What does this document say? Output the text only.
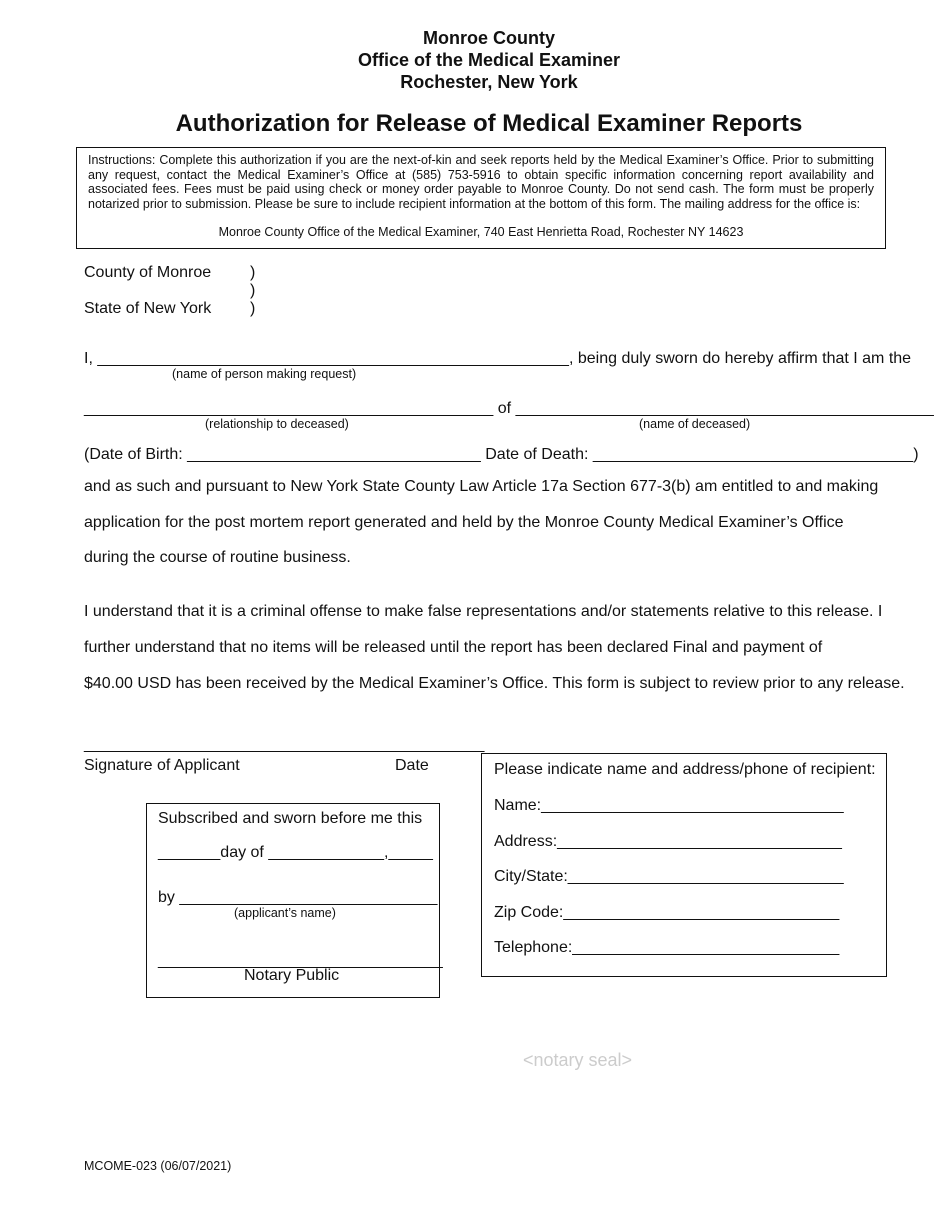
Monroe County
Office of the Medical Examiner
Rochester, New York
Authorization for Release of Medical Examiner Reports
Instructions: Complete this authorization if you are the next-of-kin and seek reports held by the Medical Examiner’s Office. Prior to submitting any request, contact the Medical Examiner’s Office at (585) 753-5916 to obtain specific information concerning report availability and associated fees. Fees must be paid using check or money order payable to Monroe County. Do not send cash. The form must be properly notarized prior to submission. Please be sure to include recipient information at the bottom of this form. The mailing address for the office is:
Monroe County Office of the Medical Examiner, 740 East Henrietta Road, Rochester NY 14623
County of Monroe )
)
State of New York )
I, _____________________________________________________, being duly sworn do hereby affirm that I am the
(name of person making request)
______________________________________________ of _______________________________________________
(relationship to deceased)	(name of deceased)
(Date of Birth: _________________________________ Date of Death: ____________________________________)
and as such and pursuant to New York State County Law Article 17a Section 677-3(b) am entitled to and making
application for the post mortem report generated and held by the Monroe County Medical Examiner’s Office
during the course of routine business.
I understand that it is a criminal offense to make false representations and/or statements relative to this release. I
further understand that no items will be released until the report has been declared Final and payment of
$40.00 USD has been received by the Medical Examiner’s Office. This form is subject to review prior to any release.
_____________________________________________
Signature of Applicant	Date
Subscribed and sworn before me this
_______day of _____________,_____
by _____________________________
(applicant’s name)
________________________________
Notary Public
Please indicate name and address/phone of recipient:
Name:__________________________________
Address:________________________________
City/State:_______________________________
Zip Code:_______________________________
Telephone:______________________________
<notary seal>
MCOME-023 (06/07/2021)
